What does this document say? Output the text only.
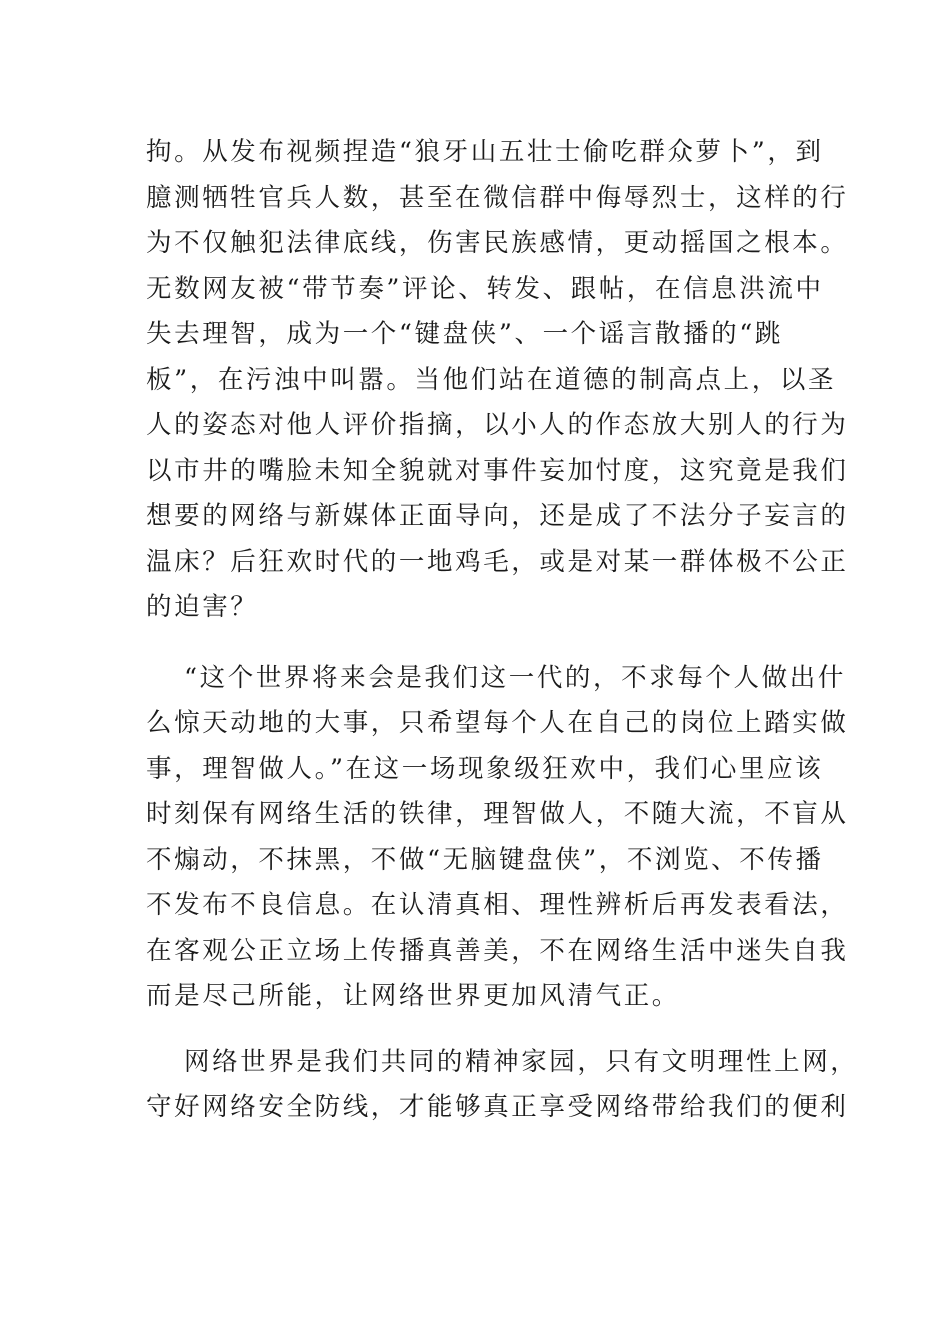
拘。从发布视频捏造“狼牙山五壮士偷吃群众萝卜”，到
臆测牺牲官兵人数，甚至在微信群中侮辱烈士，这样的行
为不仅触犯法律底线，伤害民族感情，更动摇国之根本。
无数网友被“带节奏”评论、转发、跟帖，在信息洪流中
失去理智，成为一个“键盘侠”、一个谣言散播的“跳
板”，在污浊中叫嚣。当他们站在道德的制高点上，以圣
人的姿态对他人评价指摘，以小人的作态放大别人的行为
以市井的嘴脸未知全貌就对事件妄加忖度，这究竟是我们
想要的网络与新媒体正面导向，还是成了不法分子妄言的
温床？后狂欢时代的一地鸡毛，或是对某一群体极不公正
的迫害？
“这个世界将来会是我们这一代的，不求每个人做出什
么惊天动地的大事，只希望每个人在自己的岗位上踏实做
事，理智做人。”在这一场现象级狂欢中，我们心里应该
时刻保有网络生活的铁律，理智做人，不随大流，不盲从
不煽动，不抹黑，不做“无脑键盘侠”，不浏览、不传播
不发布不良信息。在认清真相、理性辨析后再发表看法，
在客观公正立场上传播真善美，不在网络生活中迷失自我
而是尽己所能，让网络世界更加风清气正。
网络世界是我们共同的精神家园，只有文明理性上网，
守好网络安全防线，才能够真正享受网络带给我们的便利
